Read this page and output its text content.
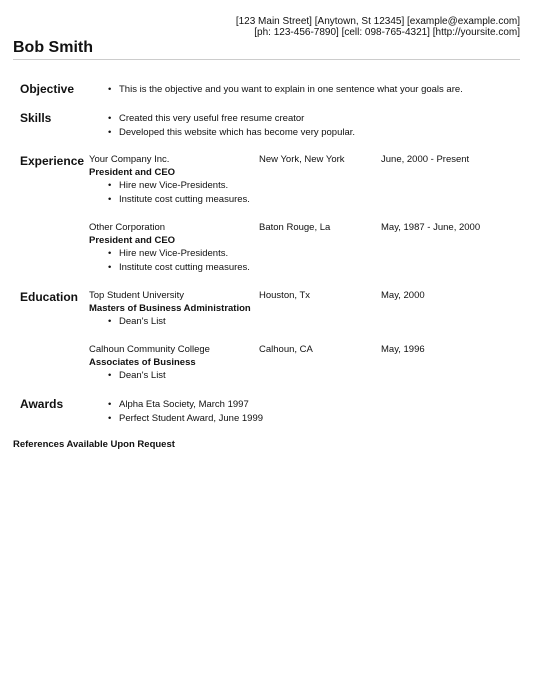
[123 Main Street] [Anytown, St 12345] [example@example.com]
[ph: 123-456-7890] [cell: 098-765-4321] [http://yoursite.com]
Bob Smith
Objective	• This is the objective and you want to explain in one sentence what your goals are.
Skills	• Created this very useful free resume creator
• Developed this website which has become very popular.
Experience Your Company Inc.	New York, New York	June, 2000 - Present
President and CEO
• Hire new Vice-Presidents.
• Institute cost cutting measures.
Other Corporation	Baton Rouge, La	May, 1987 - June, 2000
President and CEO
• Hire new Vice-Presidents.
• Institute cost cutting measures.
Education Top Student University	Houston, Tx	May, 2000
Masters of Business Administration
• Dean's List
Calhoun Community College	Calhoun, CA	May, 1996
Associates of Business
• Dean's List
Awards	• Alpha Eta Society, March 1997
• Perfect Student Award, June 1999
References Available Upon Request
